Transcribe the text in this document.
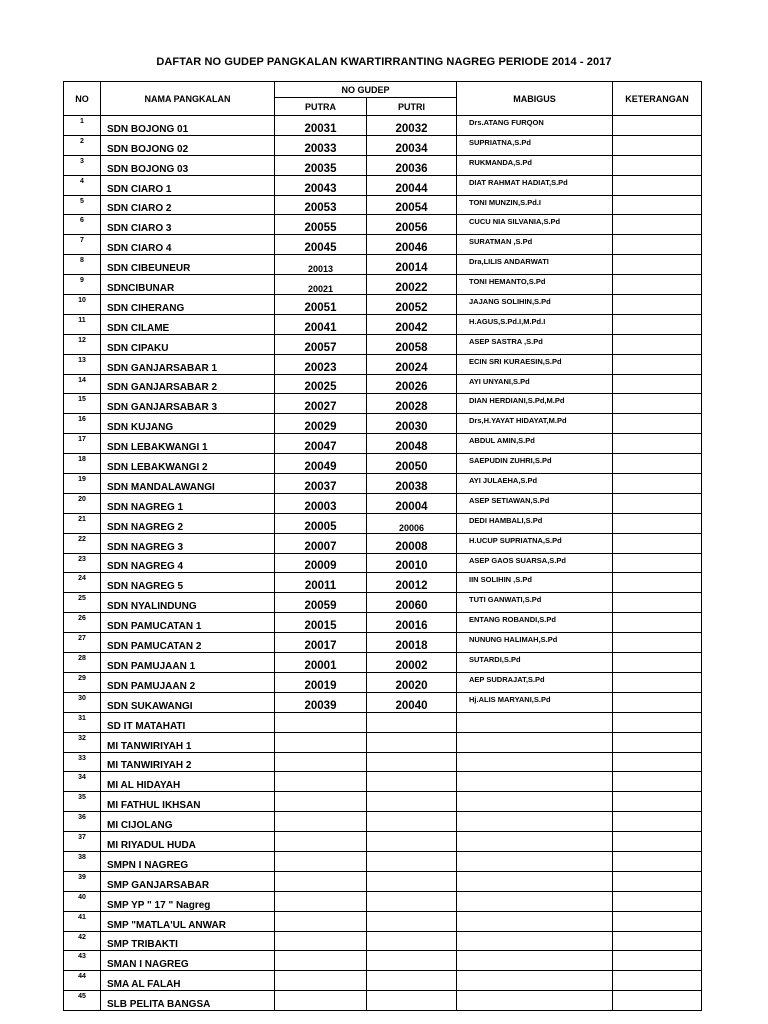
DAFTAR NO GUDEP PANGKALAN KWARTIRRANTING NAGREG PERIODE 2014 - 2017
NO	NAMA PANGKALAN	NO GUDEP		MABIGUS	KETERANGAN
		PUTRA	PUTRI		
1	SDN BOJONG 01	20031	20032	Drs.ATANG FURQON	
2	SDN BOJONG 02	20033	20034	SUPRIATNA,S.Pd	
3	SDN BOJONG 03	20035	20036	RUKMANDA,S.Pd	
4	SDN CIARO 1	20043	20044	DIAT RAHMAT HADIAT,S.Pd	
5	SDN CIARO 2	20053	20054	TONI MUNZIN,S.Pd.I	
6	SDN CIARO 3	20055	20056	CUCU NIA SILVANIA,S.Pd	
7	SDN CIARO 4	20045	20046	SURATMAN ,S.Pd	
8	SDN CIBEUNEUR	20013	20014	Dra,LILIS ANDARWATI	
9	SDNCIBUNAR	20021	20022	TONI HEMANTO,S.Pd	
10	SDN CIHERANG	20051	20052	JAJANG SOLIHIN,S.Pd	
11	SDN CILAME	20041	20042	H.AGUS,S.Pd.I,M.Pd.I	
12	SDN CIPAKU	20057	20058	ASEP SASTRA ,S.Pd	
13	SDN GANJARSABAR 1	20023	20024	ECIN SRI KURAESIN,S.Pd	
14	SDN GANJARSABAR 2	20025	20026	AYI UNYANI,S.Pd	
15	SDN GANJARSABAR 3	20027	20028	DIAN HERDIANI,S.Pd,M.Pd	
16	SDN KUJANG	20029	20030	Drs,H.YAYAT HIDAYAT,M.Pd	
17	SDN LEBAKWANGI 1	20047	20048	ABDUL AMIN,S.Pd	
18	SDN LEBAKWANGI 2	20049	20050	SAEPUDIN ZUHRI,S.Pd	
19	SDN MANDALAWANGI	20037	20038	AYI JULAEHA,S.Pd	
20	SDN NAGREG 1	20003	20004	ASEP SETIAWAN,S.Pd	
21	SDN NAGREG 2	20005	20006	DEDI HAMBALI,S.Pd	
22	SDN NAGREG 3	20007	20008	H.UCUP SUPRIATNA,S.Pd	
23	SDN NAGREG 4	20009	20010	ASEP GAOS SUARSA,S.Pd	
24	SDN NAGREG 5	20011	20012	IIN SOLIHIN ,S.Pd	
25	SDN NYALINDUNG	20059	20060	TUTI GANWATI,S.Pd	
26	SDN PAMUCATAN 1	20015	20016	ENTANG ROBANDI,S.Pd	
27	SDN PAMUCATAN 2	20017	20018	NUNUNG HALIMAH,S.Pd	
28	SDN PAMUJAAN 1	20001	20002	SUTARDI,S.Pd	
29	SDN PAMUJAAN 2	20019	20020	AEP SUDRAJAT,S.Pd	
30	SDN SUKAWANGI	20039	20040	Hj.ALIS MARYANI,S.Pd	
31	SD IT MATAHATI				
32	MI TANWIRIYAH 1				
33	MI TANWIRIYAH 2				
34	MI AL HIDAYAH				
35	MI FATHUL IKHSAN				
36	MI CIJOLANG				
37	MI RIYADUL HUDA				
38	SMPN I NAGREG				
39	SMP GANJARSABAR				
40	SMP YP " 17 " Nagreg				
41	SMP "MATLA'UL ANWAR				
42	SMP TRIBAKTI				
43	SMAN I NAGREG				
44	SMA AL FALAH				
45	SLB PELITA BANGSA				
